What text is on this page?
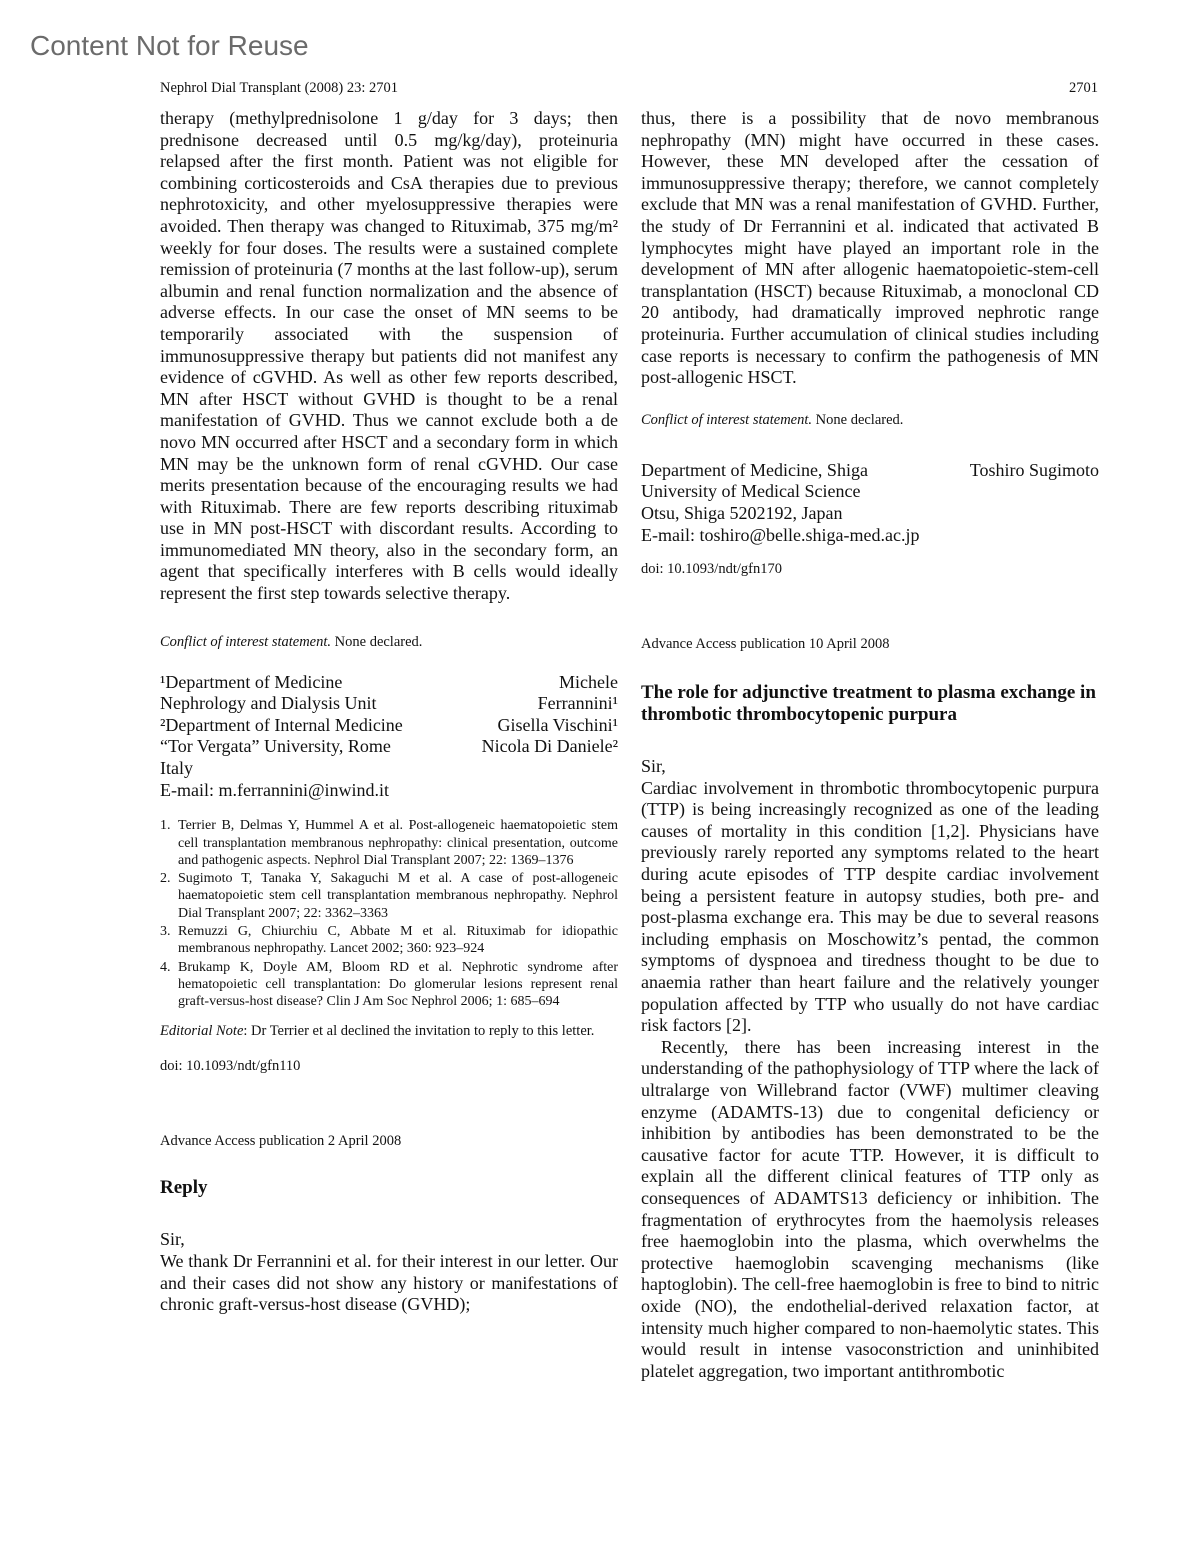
Content Not for Reuse
Nephrol Dial Transplant (2008) 23: 2701	2701
therapy (methylprednisolone 1 g/day for 3 days; then prednisone decreased until 0.5 mg/kg/day), proteinuria relapsed after the first month. Patient was not eligible for combining corticosteroids and CsA therapies due to previous nephrotoxicity, and other myelosuppressive therapies were avoided. Then therapy was changed to Rituximab, 375 mg/m² weekly for four doses. The results were a sustained complete remission of proteinuria (7 months at the last follow-up), serum albumin and renal function normalization and the absence of adverse effects. In our case the onset of MN seems to be temporarily associated with the suspension of immunosuppressive therapy but patients did not manifest any evidence of cGVHD. As well as other few reports described, MN after HSCT without GVHD is thought to be a renal manifestation of GVHD. Thus we cannot exclude both a de novo MN occurred after HSCT and a secondary form in which MN may be the unknown form of renal cGVHD. Our case merits presentation because of the encouraging results we had with Rituximab. There are few reports describing rituximab use in MN post-HSCT with discordant results. According to immunomediated MN theory, also in the secondary form, an agent that specifically interferes with B cells would ideally represent the first step towards selective therapy.
Conflict of interest statement. None declared.
¹Department of Medicine
Nephrology and Dialysis Unit
²Department of Internal Medicine
“Tor Vergata” University, Rome
Italy
E-mail: m.ferrannini@inwind.it
Michele
Ferrannini¹
Gisella Vischini¹
Nicola Di Daniele²
1. Terrier B, Delmas Y, Hummel A et al. Post-allogeneic haematopoietic stem cell transplantation membranous nephropathy: clinical presentation, outcome and pathogenic aspects. Nephrol Dial Transplant 2007; 22: 1369–1376
2. Sugimoto T, Tanaka Y, Sakaguchi M et al. A case of post-allogeneic haematopoietic stem cell transplantation membranous nephropathy. Nephrol Dial Transplant 2007; 22: 3362–3363
3. Remuzzi G, Chiurchiu C, Abbate M et al. Rituximab for idiopathic membranous nephropathy. Lancet 2002; 360: 923–924
4. Brukamp K, Doyle AM, Bloom RD et al. Nephrotic syndrome after hematopoietic cell transplantation: Do glomerular lesions represent renal graft-versus-host disease? Clin J Am Soc Nephrol 2006; 1: 685–694
Editorial Note: Dr Terrier et al declined the invitation to reply to this letter.
doi: 10.1093/ndt/gfn110
Advance Access publication 2 April 2008
Reply
Sir,
We thank Dr Ferrannini et al. for their interest in our letter. Our and their cases did not show any history or manifestations of chronic graft-versus-host disease (GVHD);
thus, there is a possibility that de novo membranous nephropathy (MN) might have occurred in these cases. However, these MN developed after the cessation of immunosuppressive therapy; therefore, we cannot completely exclude that MN was a renal manifestation of GVHD. Further, the study of Dr Ferrannini et al. indicated that activated B lymphocytes might have played an important role in the development of MN after allogenic haematopoietic-stem-cell transplantation (HSCT) because Rituximab, a monoclonal CD 20 antibody, had dramatically improved nephrotic range proteinuria. Further accumulation of clinical studies including case reports is necessary to confirm the pathogenesis of MN post-allogenic HSCT.
Conflict of interest statement. None declared.
Department of Medicine, Shiga
University of Medical Science
Otsu, Shiga 5202192, Japan
E-mail: toshiro@belle.shiga-med.ac.jp
Toshiro Sugimoto
doi: 10.1093/ndt/gfn170
Advance Access publication 10 April 2008
The role for adjunctive treatment to plasma exchange in thrombotic thrombocytopenic purpura
Sir,

Cardiac involvement in thrombotic thrombocytopenic purpura (TTP) is being increasingly recognized as one of the leading causes of mortality in this condition [1,2]. Physicians have previously rarely reported any symptoms related to the heart during acute episodes of TTP despite cardiac involvement being a persistent feature in autopsy studies, both pre- and post-plasma exchange era. This may be due to several reasons including emphasis on Moschowitz’s pentad, the common symptoms of dyspnoea and tiredness thought to be due to anaemia rather than heart failure and the relatively younger population affected by TTP who usually do not have cardiac risk factors [2].

Recently, there has been increasing interest in the understanding of the pathophysiology of TTP where the lack of ultralarge von Willebrand factor (VWF) multimer cleaving enzyme (ADAMTS-13) due to congenital deficiency or inhibition by antibodies has been demonstrated to be the causative factor for acute TTP. However, it is difficult to explain all the different clinical features of TTP only as consequences of ADAMTS13 deficiency or inhibition. The fragmentation of erythrocytes from the haemolysis releases free haemoglobin into the plasma, which overwhelms the protective haemoglobin scavenging mechanisms (like haptoglobin). The cell-free haemoglobin is free to bind to nitric oxide (NO), the endothelial-derived relaxation factor, at intensity much higher compared to non-haemolytic states. This would result in intense vasoconstriction and uninhibited platelet aggregation, two important antithrombotic
